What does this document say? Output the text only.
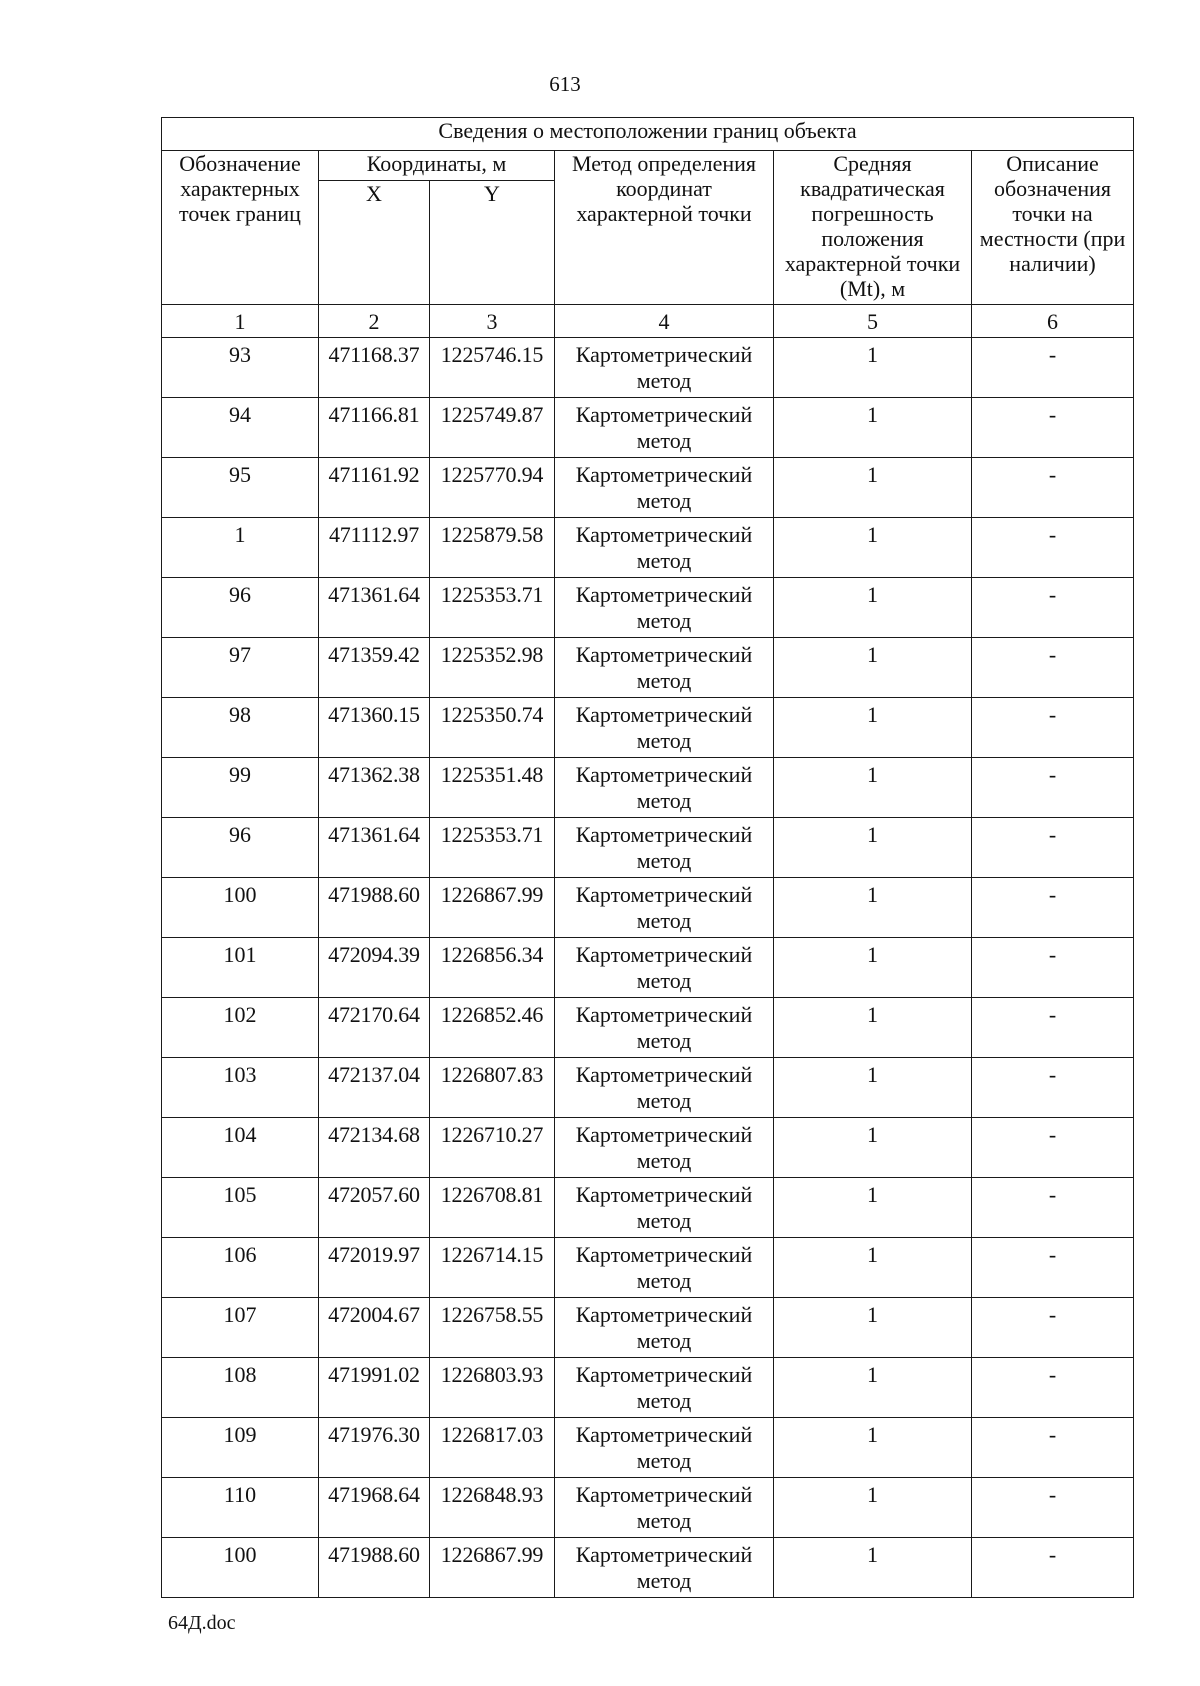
613
Сведения о местоположении границ объекта					
Обозначение характерных точек границ	Координаты, м		Метод определения координат характерной точки	Средняя квадратическая погрешность положения характерной точки (Mt), м	Описание обозначения точки на местности (при наличии)
	X	Y			
1	2	3	4	5	6
93	471168.37	1225746.15	Картометрический метод	1	-
94	471166.81	1225749.87	Картометрический метод	1	-
95	471161.92	1225770.94	Картометрический метод	1	-
1	471112.97	1225879.58	Картометрический метод	1	-
96	471361.64	1225353.71	Картометрический метод	1	-
97	471359.42	1225352.98	Картометрический метод	1	-
98	471360.15	1225350.74	Картометрический метод	1	-
99	471362.38	1225351.48	Картометрический метод	1	-
96	471361.64	1225353.71	Картометрический метод	1	-
100	471988.60	1226867.99	Картометрический метод	1	-
101	472094.39	1226856.34	Картометрический метод	1	-
102	472170.64	1226852.46	Картометрический метод	1	-
103	472137.04	1226807.83	Картометрический метод	1	-
104	472134.68	1226710.27	Картометрический метод	1	-
105	472057.60	1226708.81	Картометрический метод	1	-
106	472019.97	1226714.15	Картометрический метод	1	-
107	472004.67	1226758.55	Картометрический метод	1	-
108	471991.02	1226803.93	Картометрический метод	1	-
109	471976.30	1226817.03	Картометрический метод	1	-
110	471968.64	1226848.93	Картометрический метод	1	-
100	471988.60	1226867.99	Картометрический метод	1	-
64Д.doc
